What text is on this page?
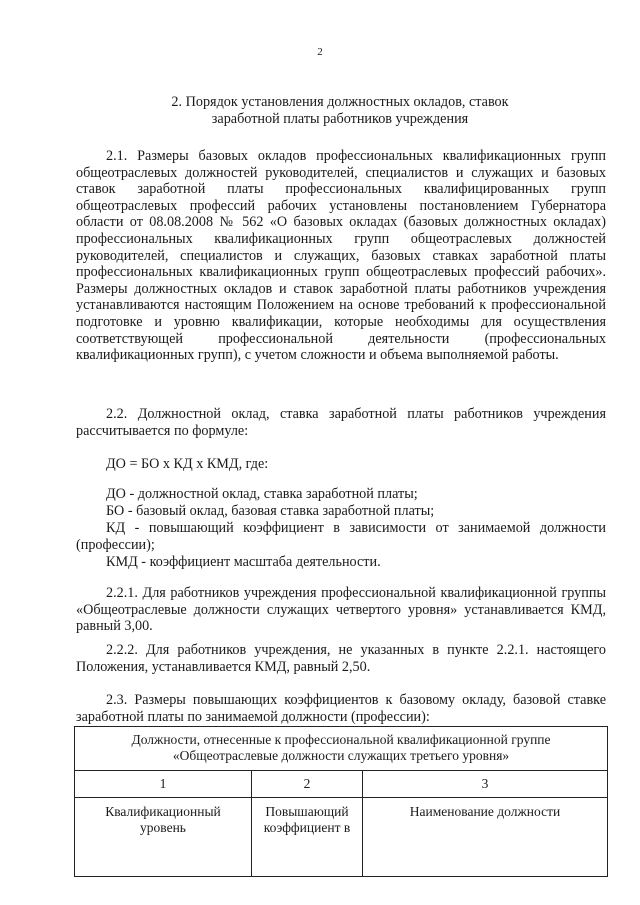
2
2. Порядок установления должностных окладов, ставок
заработной платы работников учреждения

2.1. Размеры базовых окладов профессиональных квалификационных групп общеотраслевых должностей руководителей, специалистов и служащих и базовых ставок заработной платы профессиональных квалифицированных групп общеотраслевых профессий рабочих установлены постановлением Губернатора области от 08.08.2008 № 562 «О базовых окладах (базовых должностных окладах) профессиональных квалификационных групп общеотраслевых должностей руководителей, специалистов и служащих, базовых ставках заработной платы профессиональных квалификационных групп общеотраслевых профессий рабочих». Размеры должностных окладов и ставок заработной платы работников учреждения устанавливаются настоящим Положением на основе требований к профессиональной подготовке и уровню квалификации, которые необходимы для осуществления соответствующей профессиональной деятельности (профессиональных квалификационных групп), с учетом сложности и объема выполняемой работы.

2.2. Должностной оклад, ставка заработной платы работников учреждения рассчитывается по формуле:

ДО = БО х КД х КМД, где:
ДО - должностной оклад, ставка заработной платы;
БО - базовый оклад, базовая ставка заработной платы;

КД - повышающий коэффициент в зависимости от занимаемой должности (профессии);

КМД - коэффициент масштаба деятельности.

2.2.1. Для работников учреждения профессиональной квалификационной группы «Общеотраслевые должности служащих четвертого уровня» устанавливается КМД, равный 3,00.

2.2.2. Для работников учреждения, не указанных в пункте 2.2.1. настоящего Положения, устанавливается КМД, равный 2,50.

2.3. Размеры повышающих коэффициентов к базовому окладу, базовой ставке заработной платы по занимаемой должности (профессии):

Должности, отнесенные к профессиональной квалификационной группе
«Общеотраслевые должности служащих третьего уровня»		

1	2	3
Квалификационный уровень	Повышающий коэффициент в	Наименование должности
